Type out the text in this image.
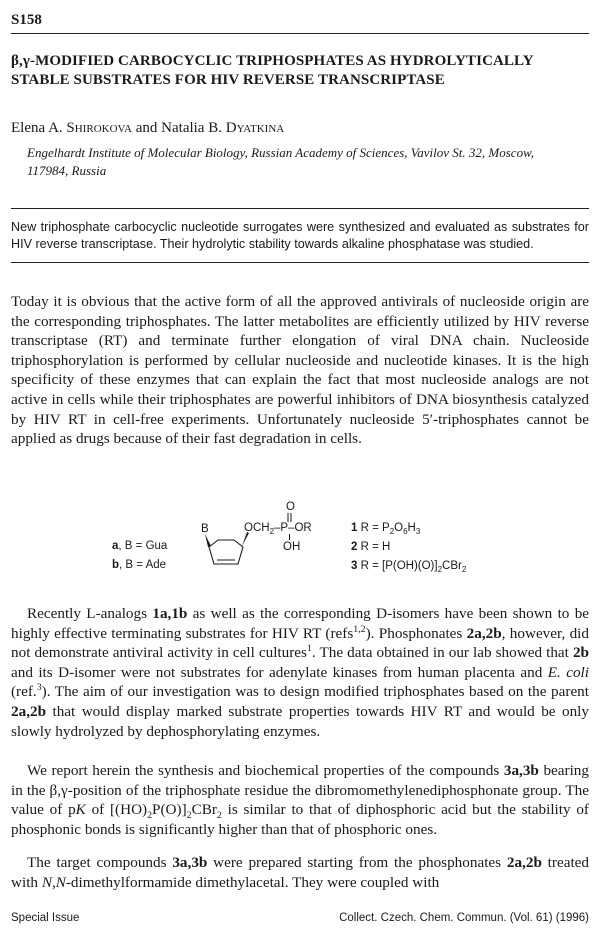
S158
β,γ-MODIFIED CARBOCYCLIC TRIPHOSPHATES AS HYDROLYTICALLY
STABLE SUBSTRATES FOR HIV REVERSE TRANSCRIPTASE
Elena A. Shirokova and Natalia B. Dyatkina
Engelhardt Institute of Molecular Biology, Russian Academy of Sciences, Vavilov St. 32, Moscow,
117984, Russia
New triphosphate carbocyclic nucleotide surrogates were synthesized and evaluated as substrates for HIV reverse transcriptase. Their hydrolytic stability towards alkaline phosphatase was studied.

Today it is obvious that the active form of all the approved antivirals of nucleoside origin are the corresponding triphosphates. The latter metabolites are efficiently utilized by HIV reverse transcriptase (RT) and terminate further elongation of viral DNA chain. Nucleoside triphosphorylation is performed by cellular nucleoside and nucleotide kinases. It is the high specificity of these enzymes that can explain the fact that most nucleoside analogs are not active in cells while their triphosphates are powerful inhibitors of DNA biosynthesis catalyzed by HIV RT in cell-free experiments. Unfortunately nucleoside 5′-triphosphates cannot be applied as drugs because of their fast degradation in cells.

a, B = Gua
b, B = Ade
B
O
$OCH_2-P-OR$
OH
1 $R = P_2O_6H_3$
2 R = H
3 $R = [P(OH)(O)]_2CBr_2$

Recently L-analogs 1a,1b as well as the corresponding D-isomers have been shown to be highly effective terminating substrates for HIV RT (refs$^{1,2}$). Phosphonates 2a,2b, however, did not demonstrate antiviral activity in cell cultures$^1$. The data obtained in our lab showed that 2b and its D-isomer were not substrates for adenylate kinases from human placenta and E. coli (ref.$^3$). The aim of our investigation was to design modified triphosphates based on the parent 2a,2b that would display marked substrate properties towards HIV RT and would be only slowly hydrolyzed by dephosphorylating enzymes.

We report herein the synthesis and biochemical properties of the compounds 3a,3b bearing in the β,γ-position of the triphosphate residue the dibromomethylenediphosphonate group. The value of pK of $[(HO)_2P(O)]_2CBr_2$ is similar to that of diphosphoric acid but the stability of phosphonic bonds is significantly higher than that of phosphoric ones.

The target compounds 3a,3b were prepared starting from the phosphonates 2a,2b treated with N,N-dimethylformamide dimethylacetal. They were coupled with

Special Issue	Collect. Czech. Chem. Commun. (Vol. 61) (1996)
